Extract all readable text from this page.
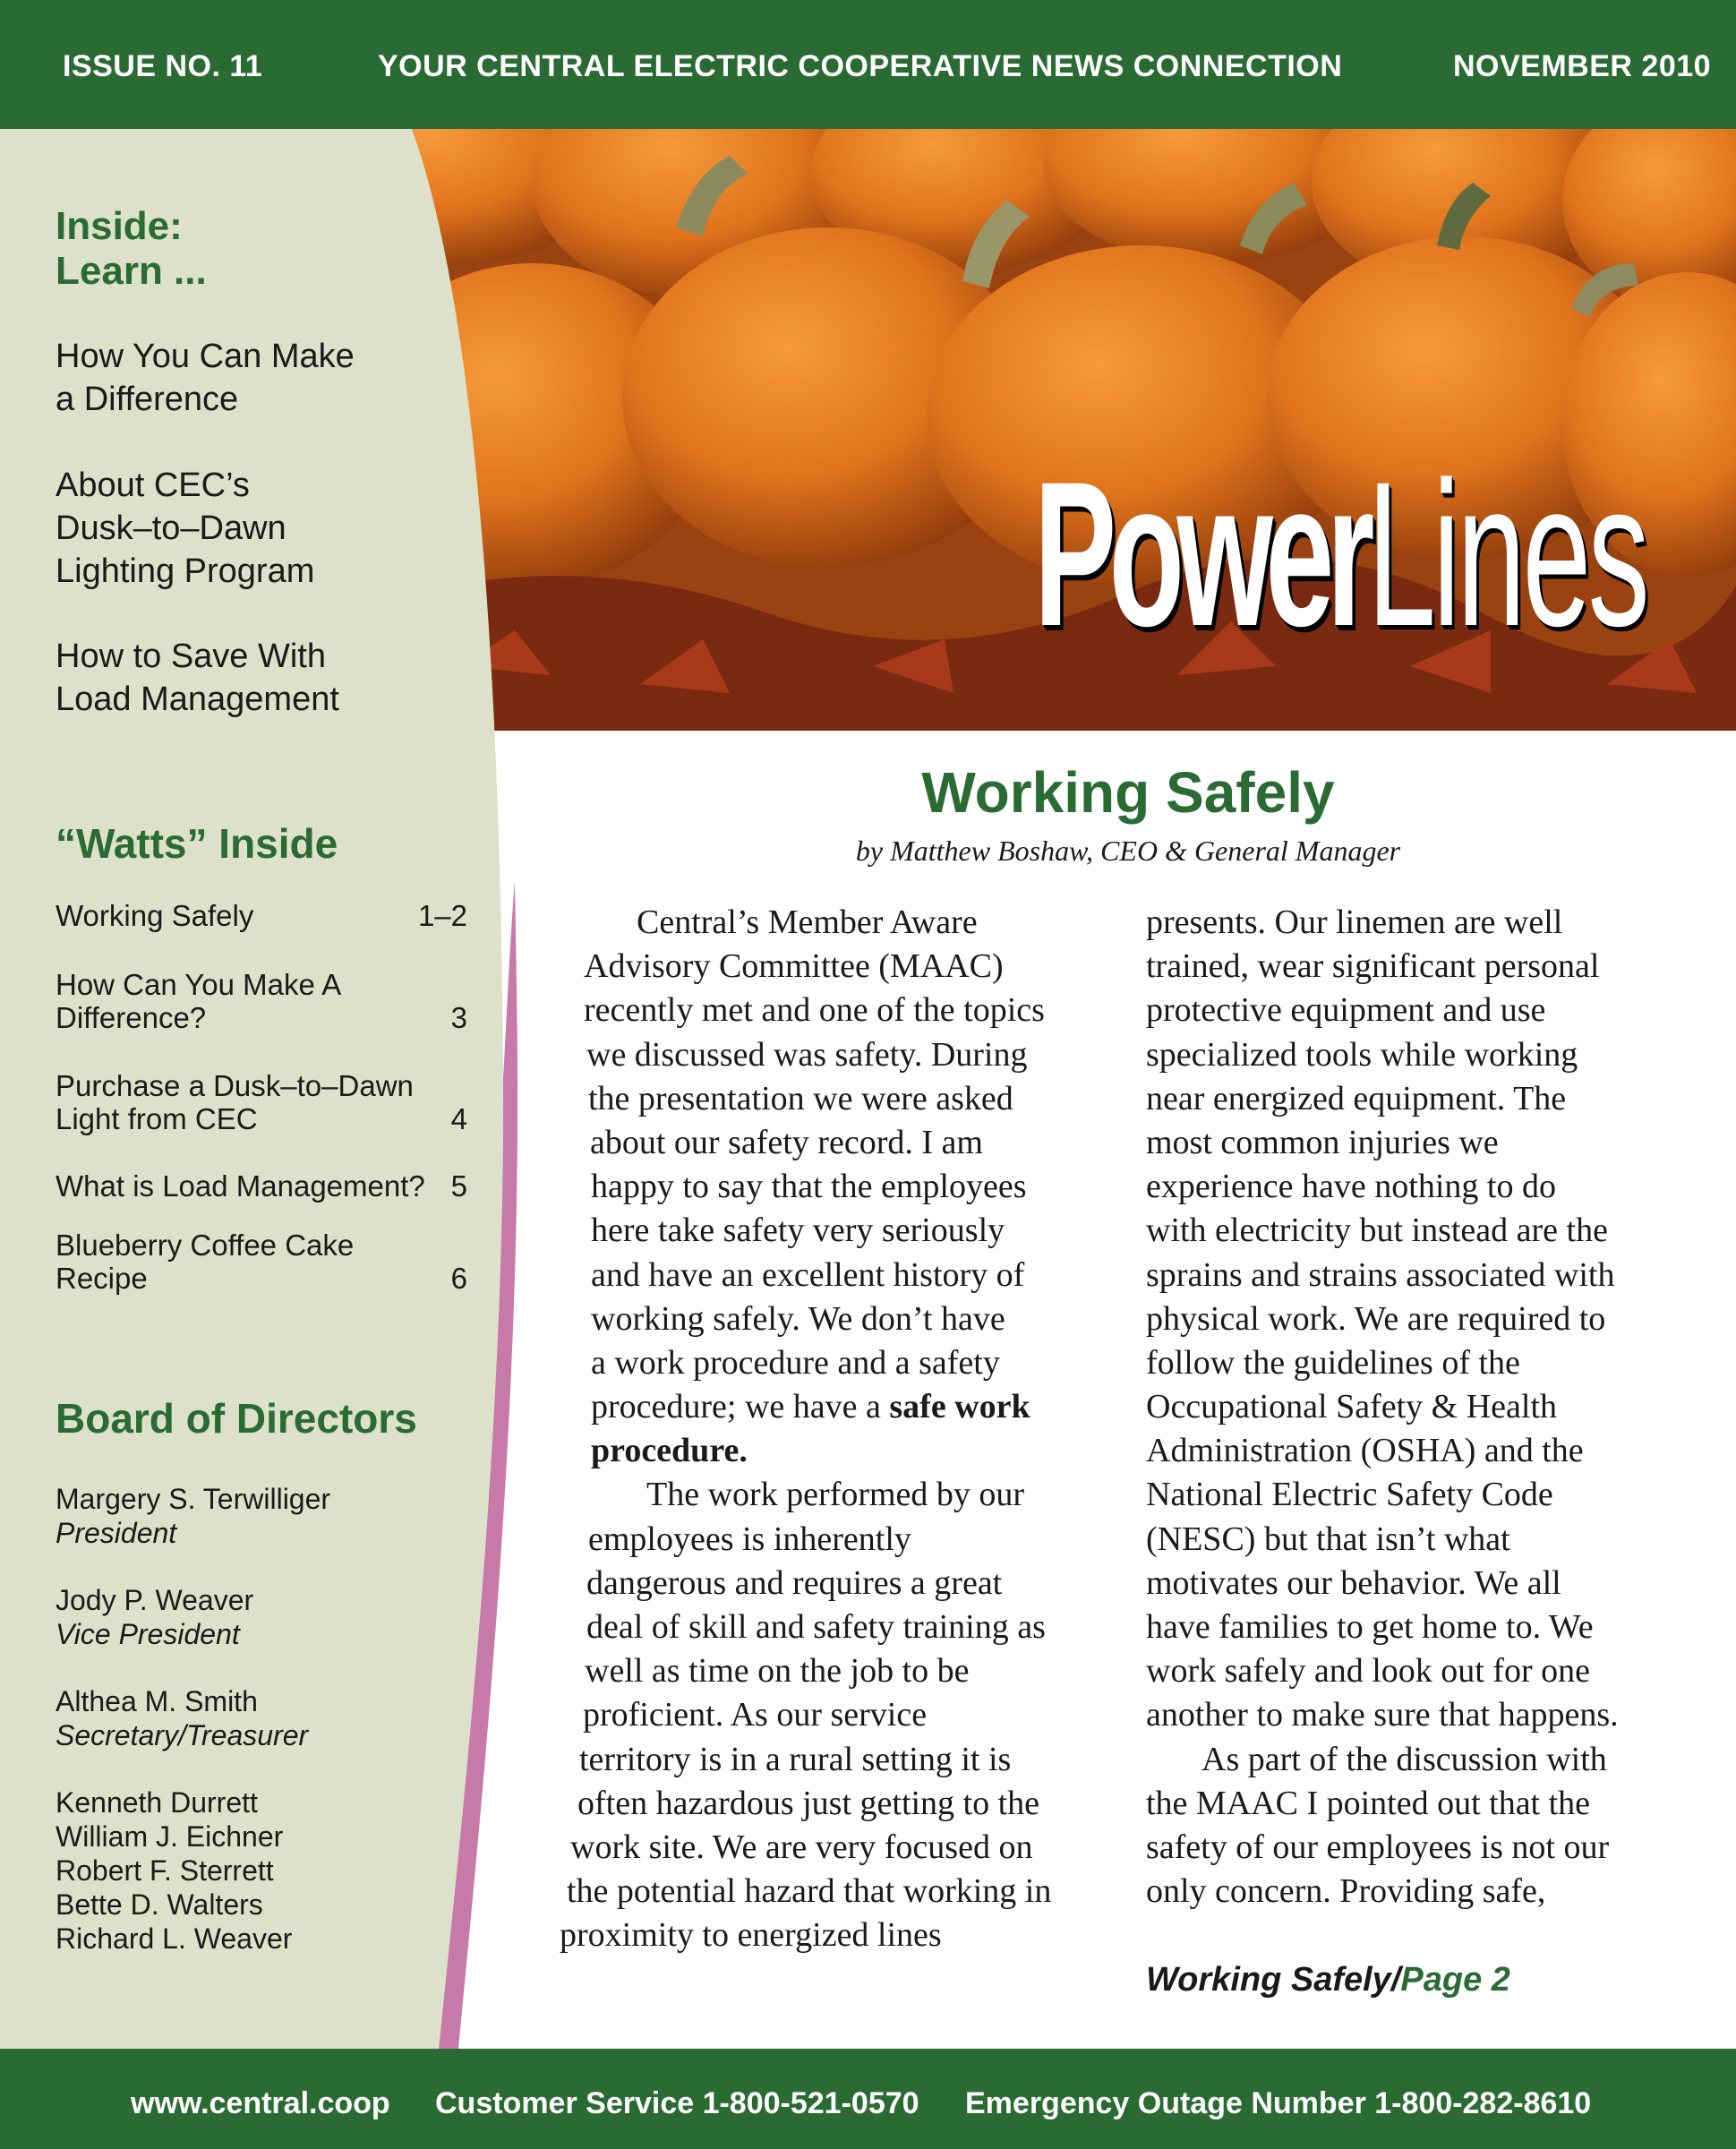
ISSUE NO. 11	YOUR CENTRAL ELECTRIC COOPERATIVE NEWS CONNECTION	NOVEMBER 2010
PowerLines
Inside:
Learn ...
How You Can Make
a Difference
About CEC’s
Dusk–to–Dawn
Lighting Program
How to Save With
Load Management
“Watts” Inside
Working Safely	1–2
How Can You Make A
Difference?	3
Purchase a Dusk–to–Dawn
Light from CEC	4
What is Load Management? 5
Blueberry Coffee Cake
Recipe	6
Board of Directors
Margery S. Terwilliger
President
Jody P. Weaver
Vice President
Althea M. Smith
Secretary/Treasurer
Kenneth Durrett
William J. Eichner
Robert F. Sterrett
Bette D. Walters
Richard L. Weaver
Working Safely
by Matthew Boshaw, CEO & General Manager
Central’s Member Aware
Advisory Committee (MAAC)
recently met and one of the topics
we discussed was safety. During
the presentation we were asked
about our safety record. I am
happy to say that the employees
here take safety very seriously
and have an excellent history of
working safely. We don’t have
a work procedure and a safety
procedure; we have a safe work
procedure.
The work performed by our
employees is inherently
dangerous and requires a great
deal of skill and safety training as
well as time on the job to be
proficient. As our service
territory is in a rural setting it is
often hazardous just getting to the
work site. We are very focused on
the potential hazard that working in
proximity to energized lines
presents. Our linemen are well
trained, wear significant personal
protective equipment and use
specialized tools while working
near energized equipment. The
most common injuries we
experience have nothing to do
with electricity but instead are the
sprains and strains associated with
physical work. We are required to
follow the guidelines of the
Occupational Safety & Health
Administration (OSHA) and the
National Electric Safety Code
(NESC) but that isn’t what
motivates our behavior. We all
have families to get home to. We
work safely and look out for one
another to make sure that happens.
As part of the discussion with
the MAAC I pointed out that the
safety of our employees is not our
only concern. Providing safe,
Working Safely/Page 2
www.central.coop Customer Service 1-800-521-0570 Emergency Outage Number 1-800-282-8610
